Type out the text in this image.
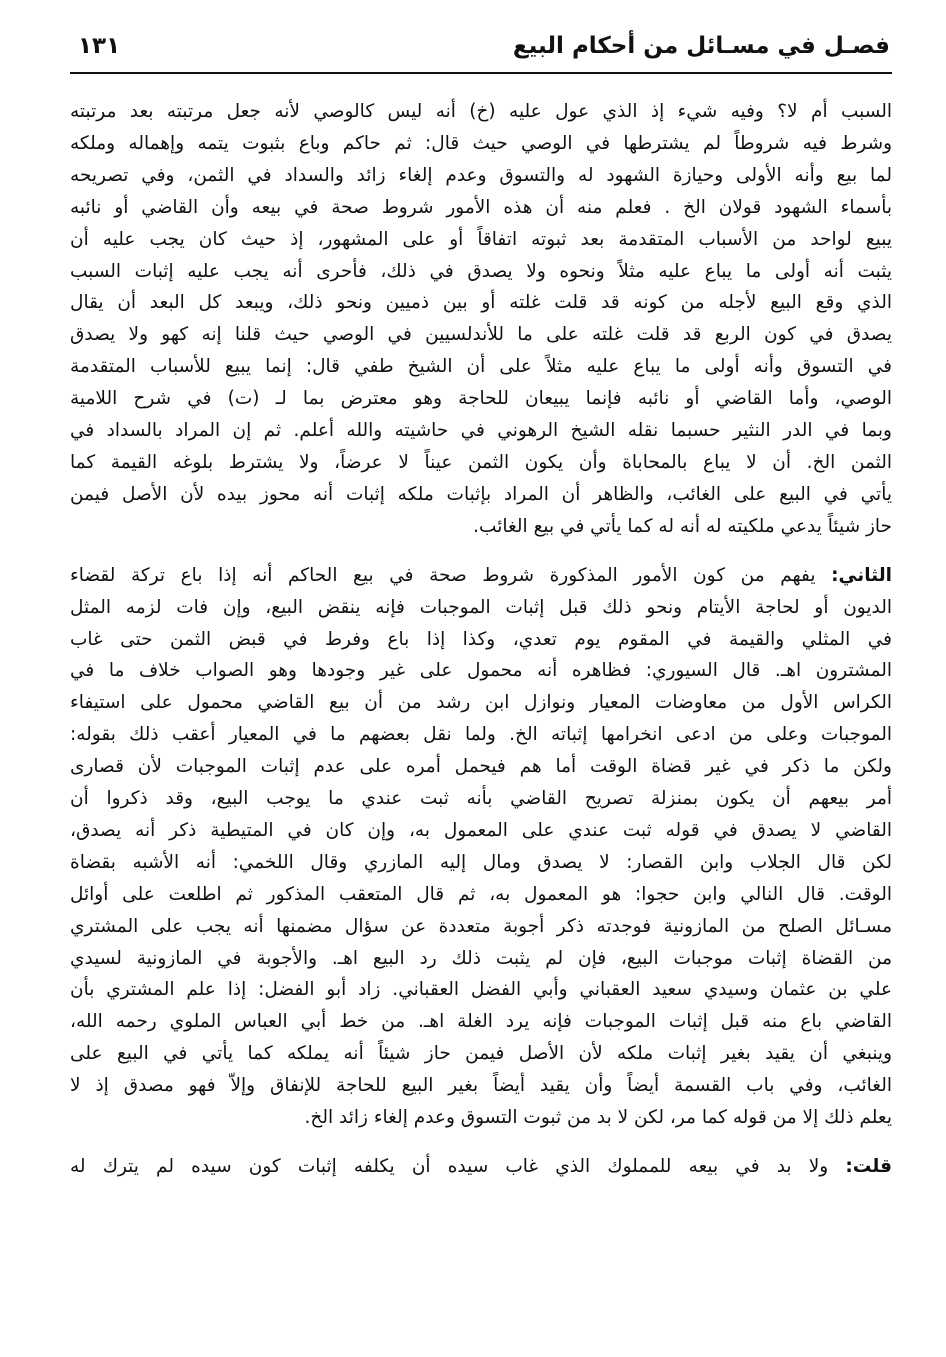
فصـل في مسـائل من أحكام البيع
١٣١
السبب أم لا؟ وفيه شيء إذ الذي عول عليه (خ) أنه ليس كالوصي لأنه جعل مرتبته بعد مرتبته
وشرط فيه شروطاً لم يشترطها في الوصي حيث قال: ثم حاكم وباع بثبوت يتمه وإهماله وملكه
لما بيع وأنه الأولى وحيازة الشهود له والتسوق وعدم إلغاء زائد والسداد في الثمن، وفي تصريحه
بأسماء الشهود قولان الخ . فعلم منه أن هذه الأمور شروط صحة في بيعه وأن القاضي أو نائبه
يبيع لواحد من الأسباب المتقدمة بعد ثبوته اتفاقاً أو على المشهور، إذ حيث كان يجب عليه أن
يثبت أنه أولى ما يباع عليه مثلاً ونحوه ولا يصدق في ذلك، فأحرى أنه يجب عليه إثبات السبب
الذي وقع البيع لأجله من كونه قد قلت غلته أو بين ذميين ونحو ذلك، ويبعد كل البعد أن يقال
يصدق في كون الربع قد قلت غلته على ما للأندلسيين في الوصي حيث قلنا إنه كهو ولا يصدق
في التسوق وأنه أولى ما يباع عليه مثلاً على أن الشيخ طفي قال: إنما يبيع للأسباب المتقدمة
الوصي، وأما القاضي أو نائبه فإنما يبيعان للحاجة وهو معترض بما لـ (ت) في شرح اللامية
وبما في الدر النثير حسبما نقله الشيخ الرهوني في حاشيته والله أعلم. ثم إن المراد بالسداد في
الثمن الخ. أن لا يباع بالمحاباة وأن يكون الثمن عيناً لا عرضاً، ولا يشترط بلوغه القيمة كما
يأتي في البيع على الغائب، والظاهر أن المراد بإثبات ملكه إثبات أنه محوز بيده لأن الأصل فيمن
حاز شيئاً يدعي ملكيته له أنه له كما يأتي في بيع الغائب.
الثاني: يفهم من كون الأمور المذكورة شروط صحة في بيع الحاكم أنه إذا باع تركة لقضاء
الديون أو لحاجة الأيتام ونحو ذلك قبل إثبات الموجبات فإنه ينقض البيع، وإن فات لزمه المثل
في المثلي والقيمة في المقوم يوم تعدي، وكذا إذا باع وفرط في قبض الثمن حتى غاب
المشترون اهـ. قال السيوري: فظاهره أنه محمول على غير وجودها وهو الصواب خلاف ما في
الكراس الأول من معاوضات المعيار ونوازل ابن رشد من أن بيع القاضي محمول على استيفاء
الموجبات وعلى من ادعى انخرامها إثباته الخ. ولما نقل بعضهم ما في المعيار أعقب ذلك بقوله:
ولكن ما ذكر في غير قضاة الوقت أما هم فيحمل أمره على عدم إثبات الموجبات لأن قصارى
أمر بيعهم أن يكون بمنزلة تصريح القاضي بأنه ثبت عندي ما يوجب البيع، وقد ذكروا أن
القاضي لا يصدق في قوله ثبت عندي على المعمول به، وإن كان في المتيطية ذكر أنه يصدق،
لكن قال الجلاب وابن القصار: لا يصدق ومال إليه المازري وقال اللخمي: أنه الأشبه بقضاة
الوقت. قال النالي وابن حجوا: هو المعمول به، ثم قال المتعقب المذكور ثم اطلعت على أوائل
مسـائل الصلح من المازونية فوجدته ذكر أجوبة متعددة عن سؤال مضمنها أنه يجب على المشتري
من القضاة إثبات موجبات البيع، فإن لم يثبت ذلك رد البيع اهـ. والأجوبة في المازونية لسيدي
علي بن عثمان وسيدي سعيد العقباني وأبي الفضل العقباني. زاد أبو الفضل: إذا علم المشتري بأن
القاضي باع منه قبل إثبات الموجبات فإنه يرد الغلة اهـ. من خط أبي العباس الملوي رحمه الله،
وينبغي أن يقيد بغير إثبات ملكه لأن الأصل فيمن حاز شيئاً أنه يملكه كما يأتي في البيع على
الغائب، وفي باب القسمة أيضاً وأن يقيد أيضاً بغير البيع للحاجة للإنفاق وإلاّ فهو مصدق إذ لا
يعلم ذلك إلا من قوله كما مر، لكن لا بد من ثبوت التسوق وعدم إلغاء زائد الخ.
قلت: ولا بد في بيعه للمملوك الذي غاب سيده أن يكلفه إثبات كون سيده لم يترك له
